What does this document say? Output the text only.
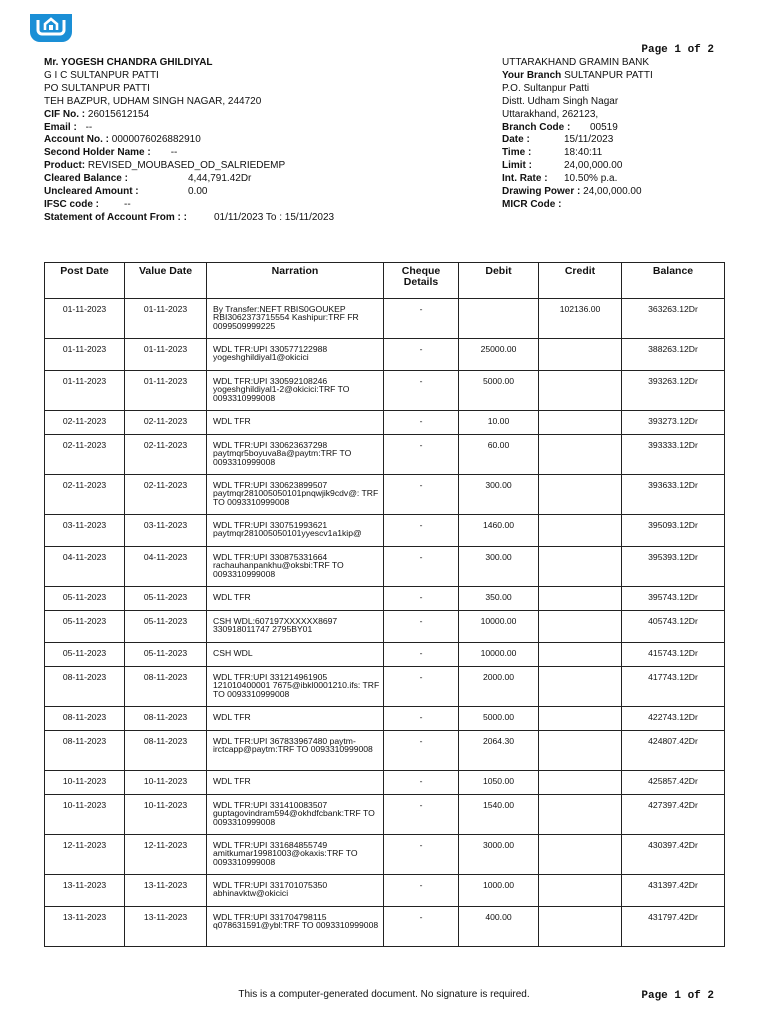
Page 1 of 2
Mr. YOGESH CHANDRA GHILDIYAL
G I C SULTANPUR PATTI
PO SULTANPUR PATTI
TEH BAZPUR, UDHAM SINGH NAGAR, 244720
CIF No. : 26015612154
Email : --
Account No. : 0000076026882910
Second Holder Name : --
Product: REVISED_MOUBASED_OD_SALRIEDEMP
Cleared Balance :	4,44,791.42Dr
Uncleared Amount :	0.00
IFSC code : --
Statement of Account From : :	01/11/2023 To : 15/11/2023
UTTARAKHAND GRAMIN BANK
Your Branch SULTANPUR PATTI
P.O. Sultanpur Patti
Distt. Udham Singh Nagar
Uttarakhand, 262123,
Branch Code : 00519
Date :	15/11/2023
Time :	18:40:11
Limit :	24,00,000.00
Int. Rate : 10.50% p.a.
Drawing Power : 24,00,000.00
MICR Code :
Post Date	Value Date	Narration	Cheque Details	Debit	Credit	Balance
01-11-2023	01-11-2023	By Transfer:NEFT RBIS0GOUKEP RBI3062373715554 Kashipur:TRF FR 0099509999225	-		102136.00	363263.12Dr
01-11-2023	01-11-2023	WDL TFR:UPI 330577122988 yogeshghildiyal1@okicici	-	25000.00		388263.12Dr
01-11-2023	01-11-2023	WDL TFR:UPI 330592108246 yogeshghildiyal1-2@okicici:TRF TO 0093310999008	-	5000.00		393263.12Dr
02-11-2023	02-11-2023	WDL TFR	-	10.00		393273.12Dr
02-11-2023	02-11-2023	WDL TFR:UPI 330623637298 paytmqr5boyuva8a@paytm:TRF TO 0093310999008	-	60.00		393333.12Dr
02-11-2023	02-11-2023	WDL TFR:UPI 330623899507 paytmqr281005050101pnqwjik9cdv@: TRF TO 0093310999008	-	300.00		393633.12Dr
03-11-2023	03-11-2023	WDL TFR:UPI 330751993621 paytmqr281005050101yyescv1a1kip@	-	1460.00		395093.12Dr
04-11-2023	04-11-2023	WDL TFR:UPI 330875331664 rachauhanpankhu@oksbi:TRF TO 0093310999008	-	300.00		395393.12Dr
05-11-2023	05-11-2023	WDL TFR	-	350.00		395743.12Dr
05-11-2023	05-11-2023	CSH WDL:607197XXXXXX8697 330918011747 2795BY01	-	10000.00		405743.12Dr
05-11-2023	05-11-2023	CSH WDL	-	10000.00		415743.12Dr
08-11-2023	08-11-2023	WDL TFR:UPI 331214961905 121010400001 7675@ibkl0001210.ifs: TRF TO 0093310999008	-	2000.00		417743.12Dr
08-11-2023	08-11-2023	WDL TFR	-	5000.00		422743.12Dr
08-11-2023	08-11-2023	WDL TFR:UPI 367833967480 paytm-irctcapp@paytm:TRF TO 0093310999008	-	2064.30		424807.42Dr
10-11-2023	10-11-2023	WDL TFR	-	1050.00		425857.42Dr
10-11-2023	10-11-2023	WDL TFR:UPI 331410083507 guptagovindram594@okhdfcbank:TRF TO 0093310999008	-	1540.00		427397.42Dr
12-11-2023	12-11-2023	WDL TFR:UPI 331684855749 amitkumar19981003@okaxis:TRF TO 0093310999008	-	3000.00		430397.42Dr
13-11-2023	13-11-2023	WDL TFR:UPI 331701075350 abhinavktw@okicici	-	1000.00		431397.42Dr
13-11-2023	13-11-2023	WDL TFR:UPI 331704798115 q078631591@ybl:TRF TO 0093310999008	-	400.00		431797.42Dr
This is a computer-generated document. No signature is required.	Page 1 of 2
